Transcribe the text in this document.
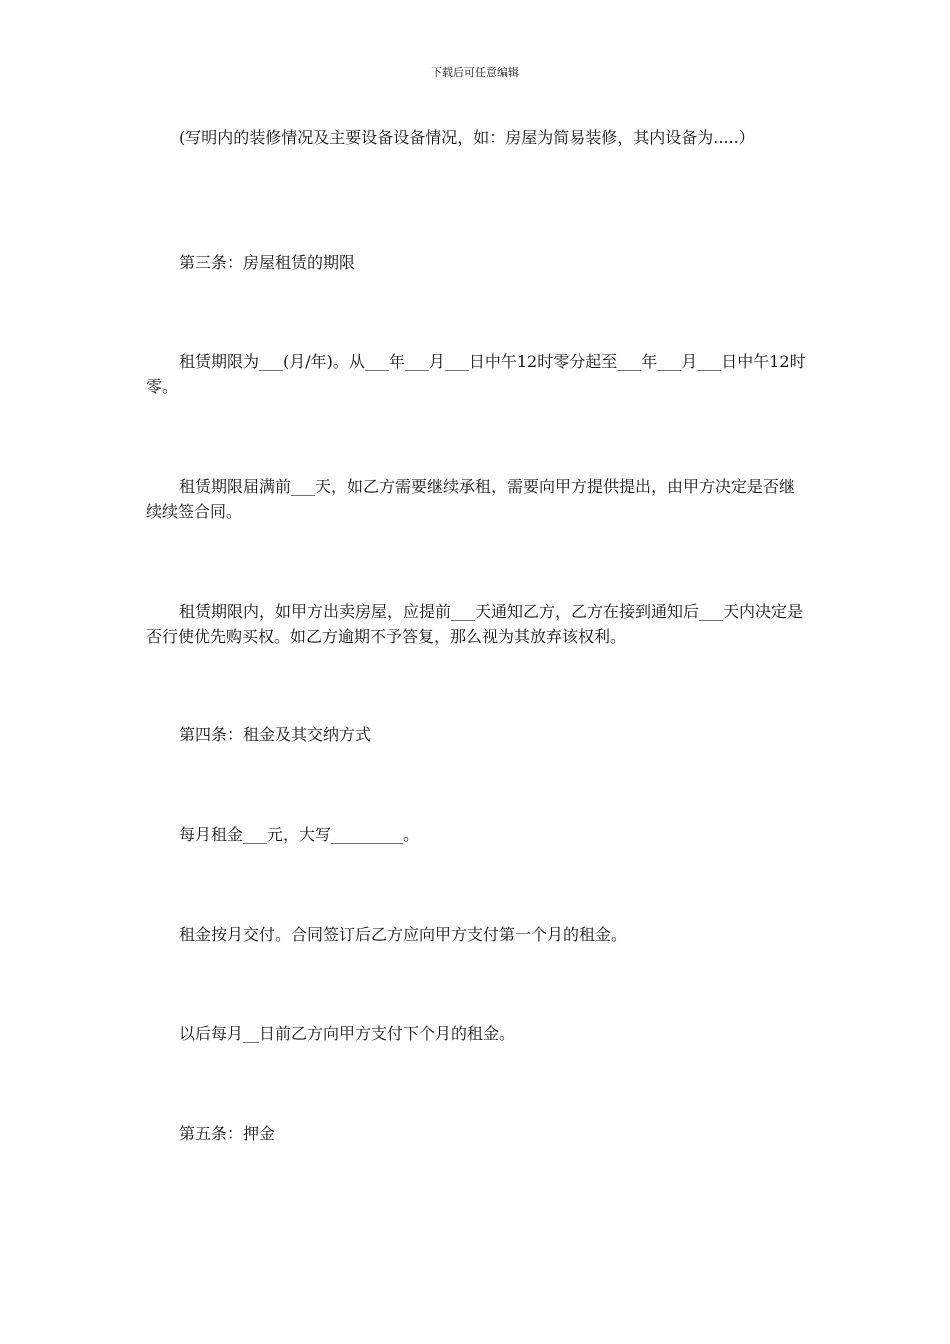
下载后可任意编辑

(写明内的装修情况及主要设备设备情况，如：房屋为简易装修，其内设备为.....）

第三条：房屋租赁的期限

租赁期限为___(月/年)。从___年___月___日中午12时零分起至___年___月___日中午12时零。

租赁期限届满前___天，如乙方需要继续承租，需要向甲方提供提出，由甲方决定是否继续续签合同。

租赁期限内，如甲方出卖房屋，应提前___天通知乙方，乙方在接到通知后___天内决定是否行使优先购买权。如乙方逾期不予答复，那么视为其放弃该权利。

第四条：租金及其交纳方式

每月租金___元，大写_________。

租金按月交付。合同签订后乙方应向甲方支付第一个月的租金。

以后每月__日前乙方向甲方支付下个月的租金。

第五条：押金
